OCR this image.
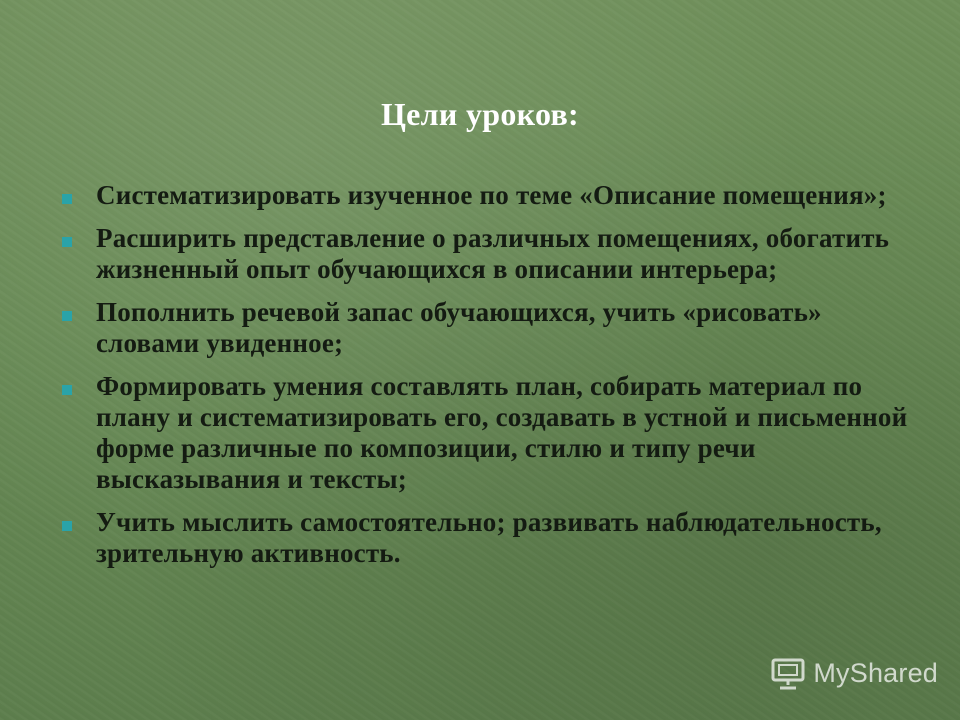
Цели уроков:
Систематизировать изученное по теме «Описание помещения»;
Расширить представление о различных помещениях, обогатить жизненный опыт обучающихся в описании интерьера;
Пополнить речевой запас обучающихся, учить «рисовать» словами увиденное;
Формировать умения составлять план, собирать материал по плану и систематизировать его, создавать в устной и письменной форме различные по композиции, стилю и типу речи высказывания и тексты;
Учить мыслить самостоятельно; развивать наблюдательность, зрительную активность.
MyShared
